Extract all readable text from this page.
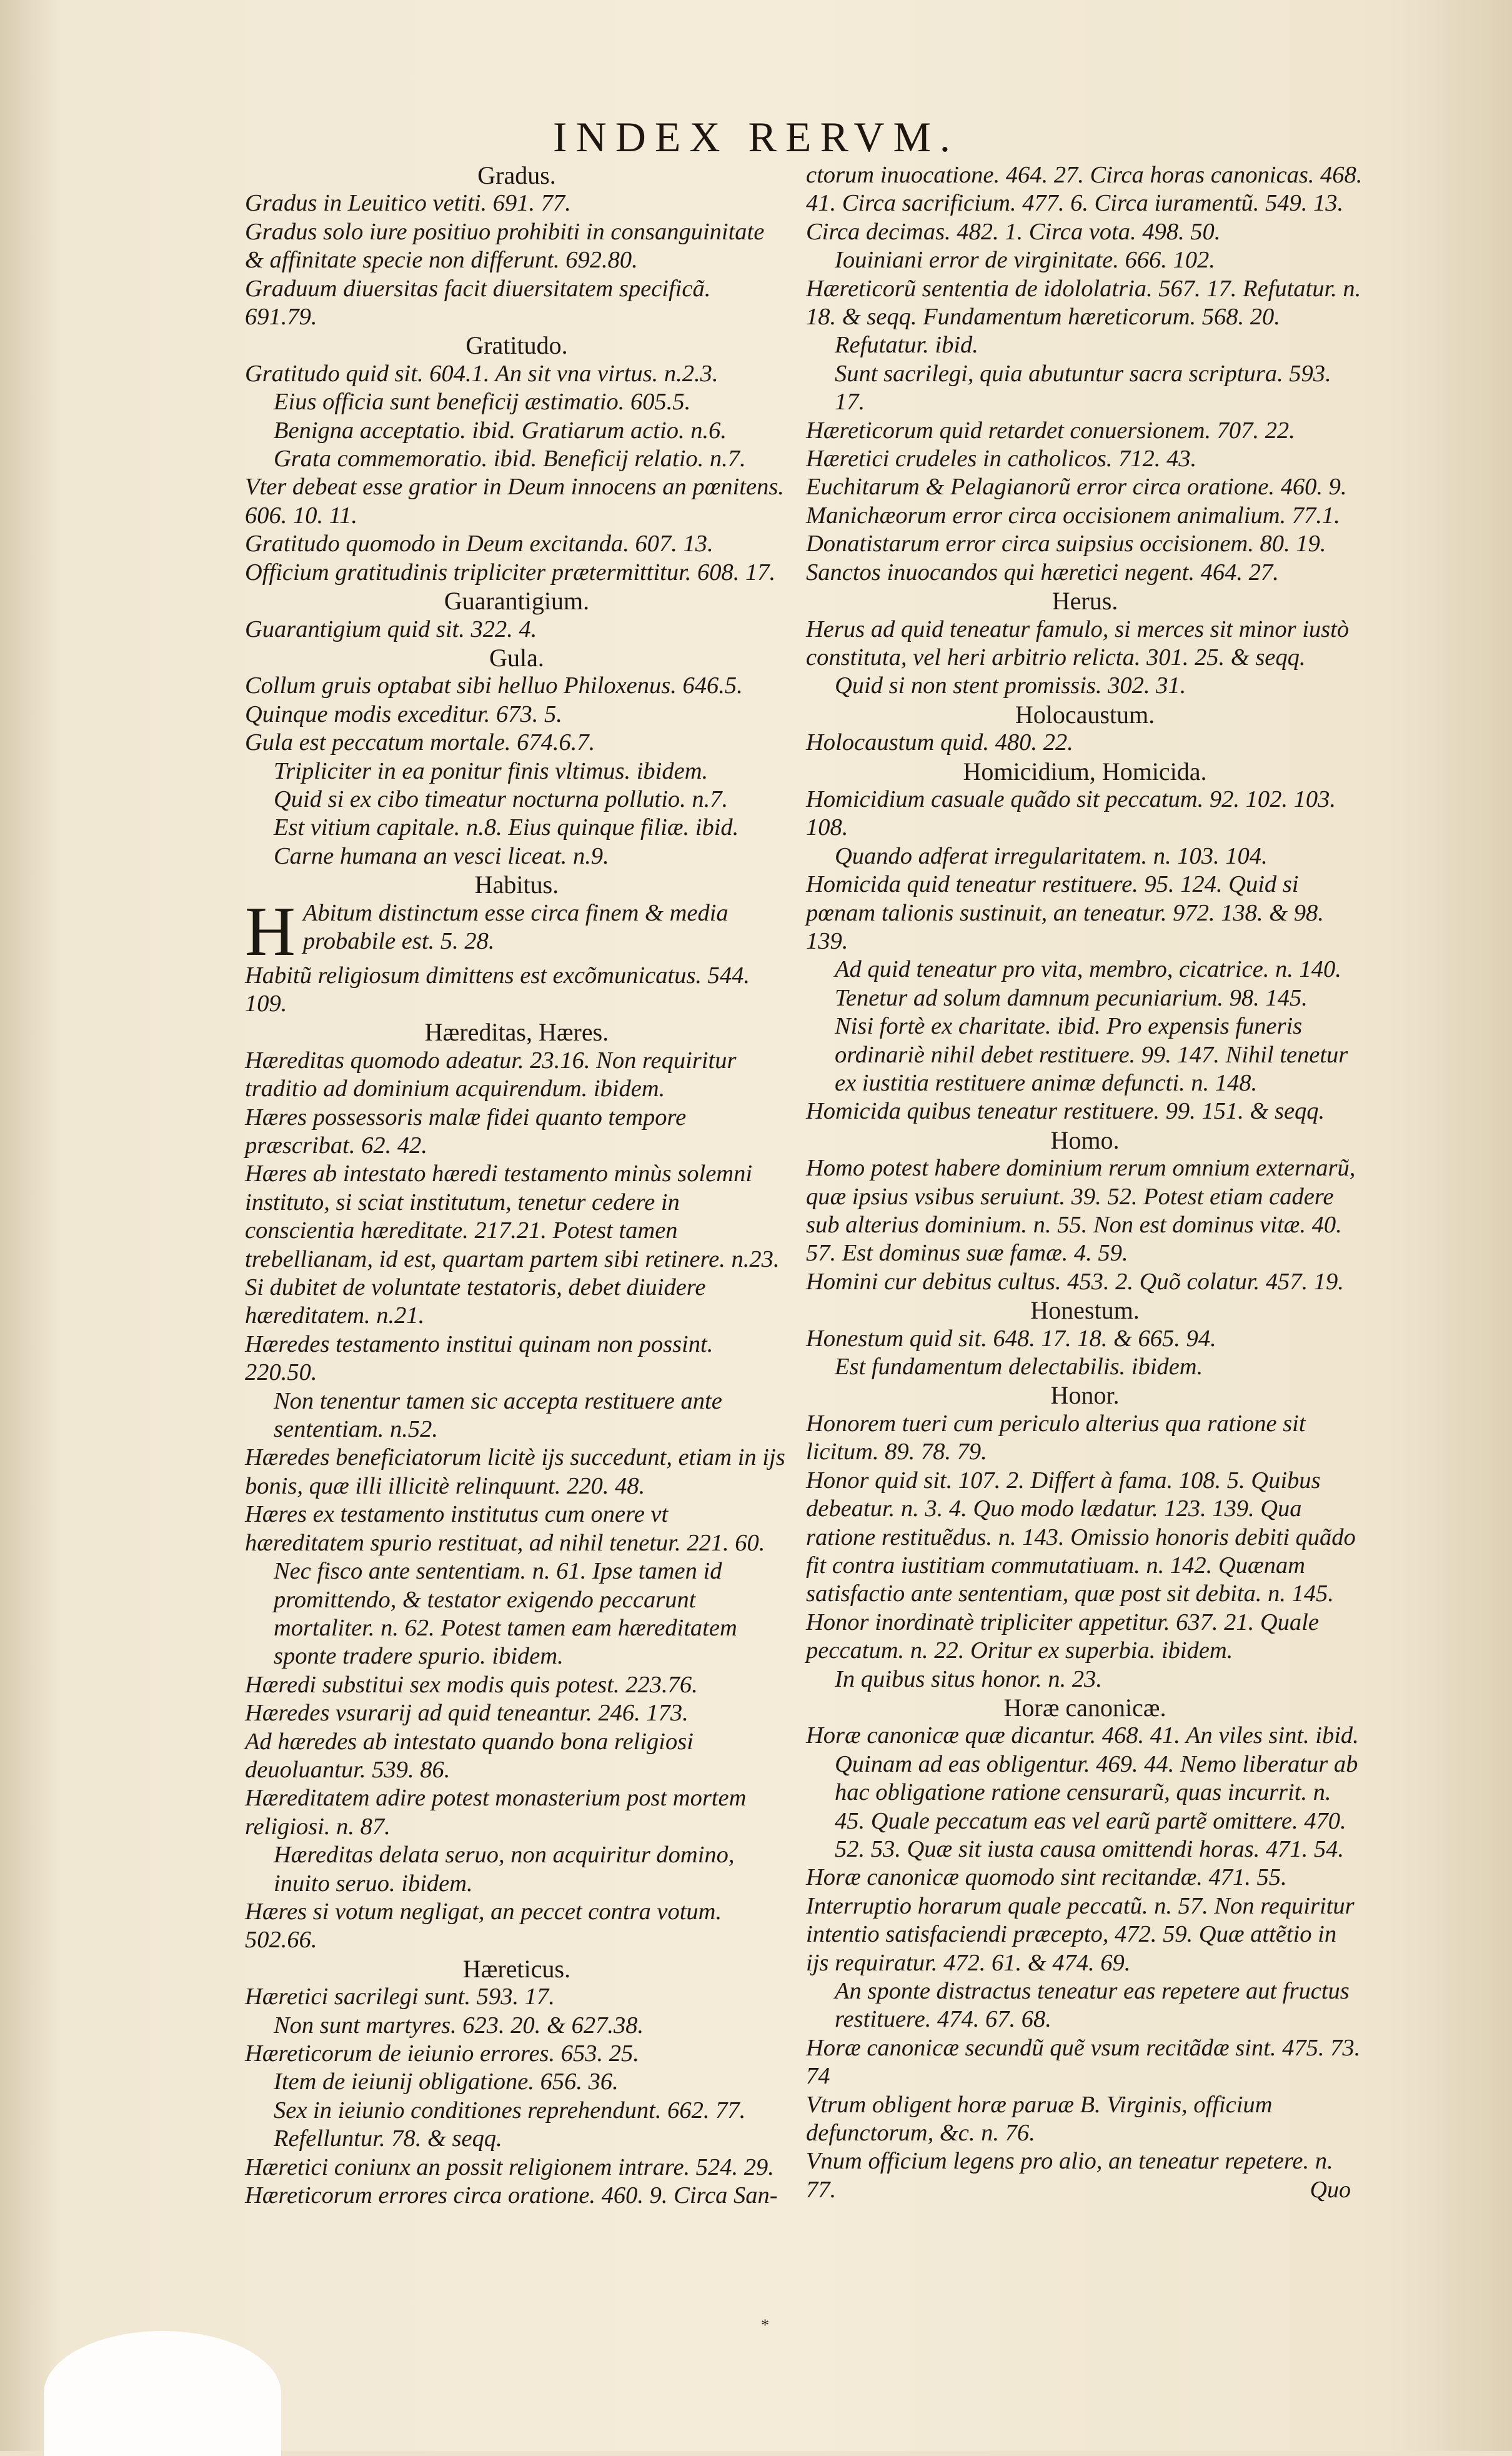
INDEX RERVM.
Gradus.
Gradus in Leuitico vetiti. 691. 77.
Gradus solo iure positiuo prohibiti in consanguinitate & affinitate specie non differunt. 692.80.
Graduum diuersitas facit diuersitatem specificã. 691.79.
Gratitudo.
Gratitudo quid sit. 604.1. An sit vna virtus. n.2.3.
Eius officia sunt beneficij æstimatio. 605.5.
Benigna acceptatio. ibid. Gratiarum actio. n.6.
Grata commemoratio. ibid. Beneficij relatio. n.7.
Vter debeat esse gratior in Deum innocens an pœnitens. 606. 10. 11.
Gratitudo quomodo in Deum excitanda. 607. 13.
Officium gratitudinis tripliciter prætermittitur. 608. 17.
Guarantigium.
Guarantigium quid sit. 322. 4.
Gula.
Collum gruis optabat sibi helluo Philoxenus. 646.5.
Quinque modis exceditur. 673. 5.
Gula est peccatum mortale. 674.6.7.
Tripliciter in ea ponitur finis vltimus. ibidem.
Quid si ex cibo timeatur nocturna pollutio. n.7.
Est vitium capitale. n.8. Eius quinque filiæ. ibid.
Carne humana an vesci liceat. n.9.
Habitus.
H Abitum distinctum esse circa finem & media probabile est. 5. 28.
Habitũ religiosum dimittens est excõmunicatus. 544. 109.
Hæreditas, Hæres.
Hæreditas quomodo adeatur. 23.16. Non requiritur traditio ad dominium acquirendum. ibidem.
Hæres possessoris malæ fidei quanto tempore præscribat. 62. 42.
Hæres ab intestato hæredi testamento minùs solemni instituto, si sciat institutum, tenetur cedere in conscientia hæreditate. 217.21. Potest tamen trebellianam, id est, quartam partem sibi retinere. n.23. Si dubitet de voluntate testatoris, debet diuidere hæreditatem. n.21.
Hæredes testamento institui quinam non possint. 220.50.
Non tenentur tamen sic accepta restituere ante sententiam. n.52.
Hæredes beneficiatorum licitè ijs succedunt, etiam in ijs bonis, quæ illi illicitè relinquunt. 220. 48.
Hæres ex testamento institutus cum onere vt hæreditatem spurio restituat, ad nihil tenetur. 221. 60.
Nec fisco ante sententiam. n. 61. Ipse tamen id promittendo, & testator exigendo peccarunt mortaliter. n. 62. Potest tamen eam hæreditatem sponte tradere spurio. ibidem.
Hæredi substitui sex modis quis potest. 223.76.
Hæredes vsurarij ad quid teneantur. 246. 173.
Ad hæredes ab intestato quando bona religiosi deuoluantur. 539. 86.
Hæreditatem adire potest monasterium post mortem religiosi. n. 87.
Hæreditas delata seruo, non acquiritur domino, inuito seruo. ibidem.
Hæres si votum negligat, an peccet contra votum. 502.66.
Hæreticus.
Hæretici sacrilegi sunt. 593. 17.
Non sunt martyres. 623. 20. & 627.38.
Hæreticorum de ieiunio errores. 653. 25.
Item de ieiunij obligatione. 656. 36.
Sex in ieiunio conditiones reprehendunt. 662. 77. Refelluntur. 78. & seqq.
Hæretici coniunx an possit religionem intrare. 524. 29.
Hæreticorum errores circa oratione. 460. 9. Circa San-
ctorum inuocatione. 464. 27. Circa horas canonicas. 468. 41. Circa sacrificium. 477. 6. Circa iuramentũ. 549. 13. Circa decimas. 482. 1. Circa vota. 498. 50.
Iouiniani error de virginitate. 666. 102.
Hæreticorũ sententia de idololatria. 567. 17. Refutatur. n. 18. & seqq. Fundamentum hæreticorum. 568. 20.
Refutatur. ibid.
Sunt sacrilegi, quia abutuntur sacra scriptura. 593. 17.
Hæreticorum quid retardet conuersionem. 707. 22.
Hæretici crudeles in catholicos. 712. 43.
Euchitarum & Pelagianorũ error circa oratione. 460. 9.
Manichæorum error circa occisionem animalium. 77.1.
Donatistarum error circa suipsius occisionem. 80. 19.
Sanctos inuocandos qui hæretici negent. 464. 27.
Herus.
Herus ad quid teneatur famulo, si merces sit minor iustò constituta, vel heri arbitrio relicta. 301. 25. & seqq.
Quid si non stent promissis. 302. 31.
Holocaustum.
Holocaustum quid. 480. 22.
Homicidium, Homicida.
Homicidium casuale quãdo sit peccatum. 92. 102. 103. 108.
Quando adferat irregularitatem. n. 103. 104.
Homicida quid teneatur restituere. 95. 124. Quid si pœnam talionis sustinuit, an teneatur. 972. 138. & 98. 139.
Ad quid teneatur pro vita, membro, cicatrice. n. 140.
Tenetur ad solum damnum pecuniarium. 98. 145.
Nisi fortè ex charitate. ibid. Pro expensis funeris ordinariè nihil debet restituere. 99. 147. Nihil tenetur ex iustitia restituere animæ defuncti. n. 148.
Homicida quibus teneatur restituere. 99. 151. & seqq.
Homo.
Homo potest habere dominium rerum omnium externarũ, quæ ipsius vsibus seruiunt. 39. 52. Potest etiam cadere sub alterius dominium. n. 55. Non est dominus vitæ. 40. 57. Est dominus suæ famæ. 4. 59.
Homini cur debitus cultus. 453. 2. Quõ colatur. 457. 19.
Honestum.
Honestum quid sit. 648. 17. 18. & 665. 94.
Est fundamentum delectabilis. ibidem.
Honor.
Honorem tueri cum periculo alterius qua ratione sit licitum. 89. 78. 79.
Honor quid sit. 107. 2. Differt à fama. 108. 5. Quibus debeatur. n. 3. 4. Quo modo lædatur. 123. 139. Qua ratione restituẽdus. n. 143. Omissio honoris debiti quãdo fit contra iustitiam commutatiuam. n. 142. Quænam satisfactio ante sententiam, quæ post sit debita. n. 145.
Honor inordinatè tripliciter appetitur. 637. 21. Quale peccatum. n. 22. Oritur ex superbia. ibidem.
In quibus situs honor. n. 23.
Horæ canonicæ.
Horæ canonicæ quæ dicantur. 468. 41. An viles sint. ibid.
Quinam ad eas obligentur. 469. 44. Nemo liberatur ab hac obligatione ratione censurarũ, quas incurrit. n. 45. Quale peccatum eas vel earũ partẽ omittere. 470. 52. 53. Quæ sit iusta causa omittendi horas. 471. 54.
Horæ canonicæ quomodo sint recitandæ. 471. 55. Interruptio horarum quale peccatũ. n. 57. Non requiritur intentio satisfaciendi præcepto, 472. 59. Quæ attẽtio in ijs requiratur. 472. 61. & 474. 69.
An sponte distractus teneatur eas repetere aut fructus restituere. 474. 67. 68.
Horæ canonicæ secundũ quẽ vsum recitãdæ sint. 475. 73. 74
Vtrum obligent horæ paruæ B. Virginis, officium defunctorum, &c. n. 76.
Vnum officium legens pro alio, an teneatur repetere. n. 77.	Quo
*
